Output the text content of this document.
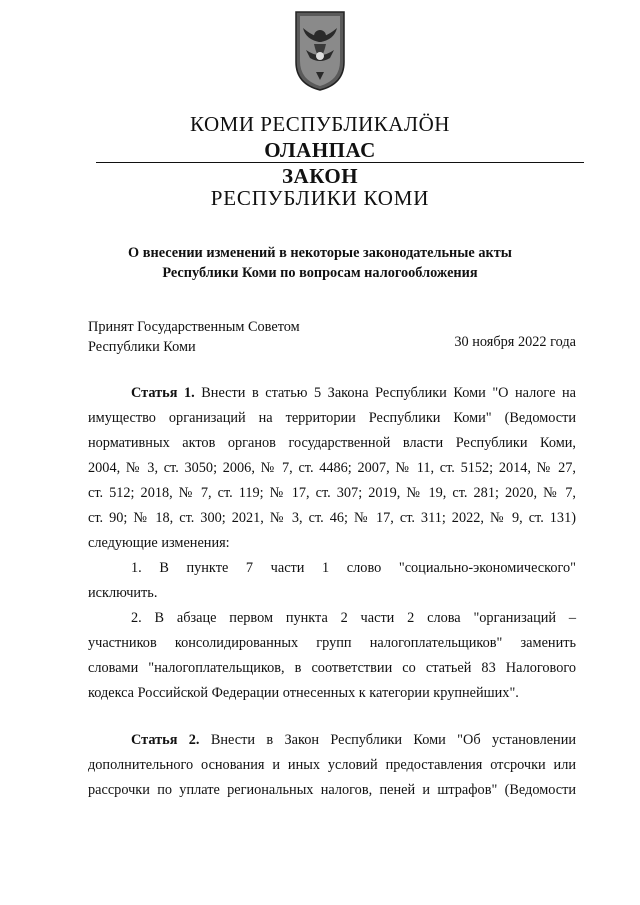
КОМИ РЕСПУБЛИКАЛÖН
ОЛАНПАС
ЗАКОН
РЕСПУБЛИКИ КОМИ
О внесении изменений в некоторые законодательные акты
Республики Коми по вопросам налогообложения
Принят Государственным Советом
Республики Коми	30 ноября 2022 года
Статья 1. Внести в статью 5 Закона Республики Коми "О налоге на
имущество организаций на территории Республики Коми" (Ведомости
нормативных актов органов государственной власти Республики Коми,
2004, № 3, ст. 3050; 2006, № 7, ст. 4486; 2007, № 11, ст. 5152; 2014, № 27,
ст. 512; 2018, № 7, ст. 119; № 17, ст. 307; 2019, № 19, ст. 281; 2020, № 7,
ст. 90; № 18, ст. 300; 2021, № 3, ст. 46; № 17, ст. 311; 2022, № 9, ст. 131)
следующие изменения:
1. В пункте 7 части 1 слово "социально-экономического"
исключить.
2. В абзаце первом пункта 2 части 2 слова "организаций –
участников консолидированных групп налогоплательщиков" заменить
словами "налогоплательщиков, в соответствии со статьей 83 Налогового
кодекса Российской Федерации отнесенных к категории крупнейших".
Статья 2. Внести в Закон Республики Коми "Об установлении
дополнительного основания и иных условий предоставления отсрочки или
рассрочки по уплате региональных налогов, пеней и штрафов" (Ведомости
